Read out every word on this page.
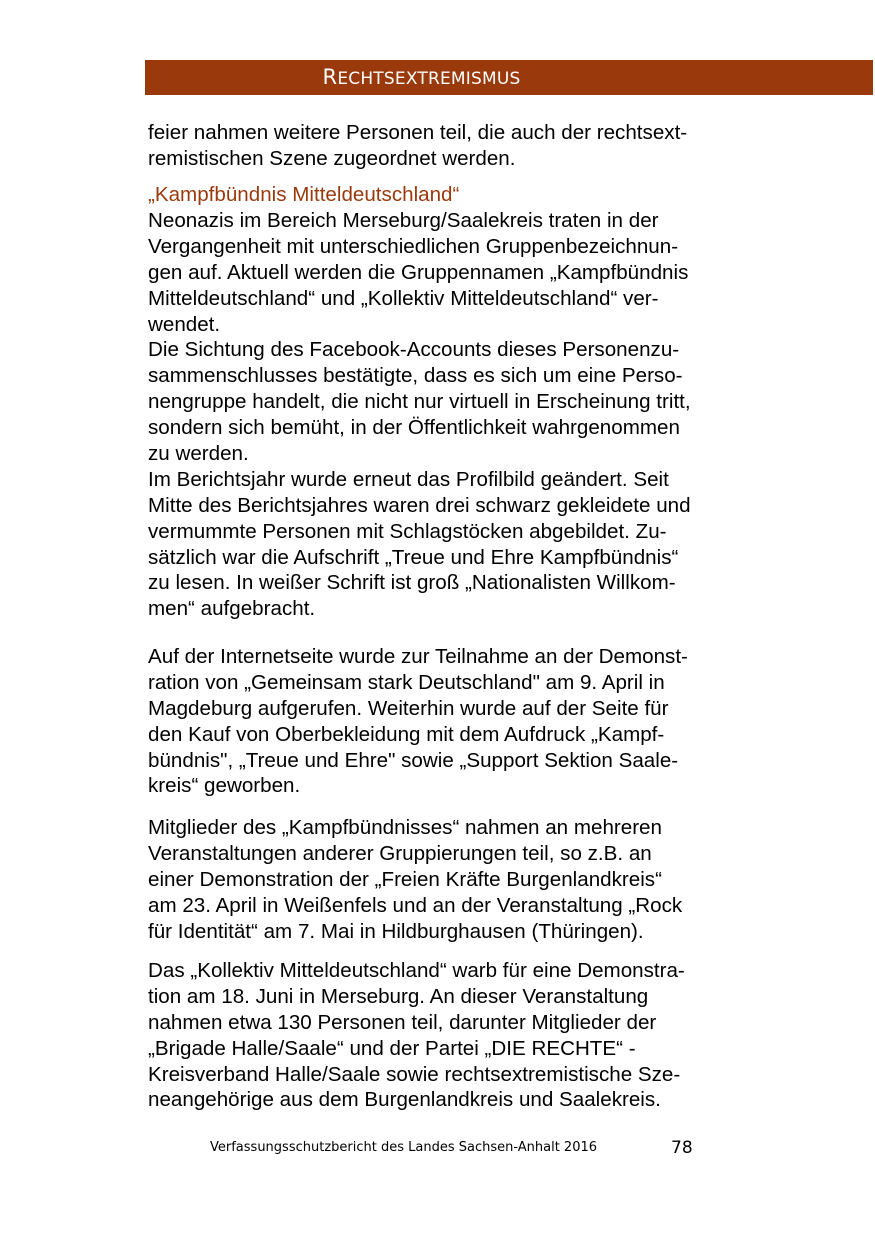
RECHTSEXTREMISMUS
feier nahmen weitere Personen teil, die auch der rechtsext-
remistischen Szene zugeordnet werden.
„Kampfbündnis Mitteldeutschland“
Neonazis im Bereich Merseburg/Saalekreis traten in der
Vergangenheit mit unterschiedlichen Gruppenbezeichnun-
gen auf. Aktuell werden die Gruppennamen „Kampfbündnis
Mitteldeutschland“ und „Kollektiv Mitteldeutschland“ ver-
wendet.
Die Sichtung des Facebook-Accounts dieses Personenzu-
sammenschlusses bestätigte, dass es sich um eine Perso-
nengruppe handelt, die nicht nur virtuell in Erscheinung tritt,
sondern sich bemüht, in der Öffentlichkeit wahrgenommen
zu werden.
Im Berichtsjahr wurde erneut das Profilbild geändert. Seit
Mitte des Berichtsjahres waren drei schwarz gekleidete und
vermummte Personen mit Schlagstöcken abgebildet. Zu-
sätzlich war die Aufschrift „Treue und Ehre Kampfbündnis“
zu lesen. In weißer Schrift ist groß „Nationalisten Willkom-
men“ aufgebracht.
Auf der Internetseite wurde zur Teilnahme an der Demonst-
ration von „Gemeinsam stark Deutschland" am 9. April in
Magdeburg aufgerufen. Weiterhin wurde auf der Seite für
den Kauf von Oberbekleidung mit dem Aufdruck „Kampf-
bündnis", „Treue und Ehre" sowie „Support Sektion Saale-
kreis“ geworben.
Mitglieder des „Kampfbündnisses“ nahmen an mehreren
Veranstaltungen anderer Gruppierungen teil, so z.B. an
einer Demonstration der „Freien Kräfte Burgenlandkreis“
am 23. April in Weißenfels und an der Veranstaltung „Rock
für Identität“ am 7. Mai in Hildburghausen (Thüringen).
Das „Kollektiv Mitteldeutschland“ warb für eine Demonstra-
tion am 18. Juni in Merseburg. An dieser Veranstaltung
nahmen etwa 130 Personen teil, darunter Mitglieder der
„Brigade Halle/Saale“ und der Partei „DIE RECHTE“ -
Kreisverband Halle/Saale sowie rechtsextremistische Sze-
neangehörige aus dem Burgenlandkreis und Saalekreis.
Verfassungsschutzbericht des Landes Sachsen-Anhalt 2016	78
